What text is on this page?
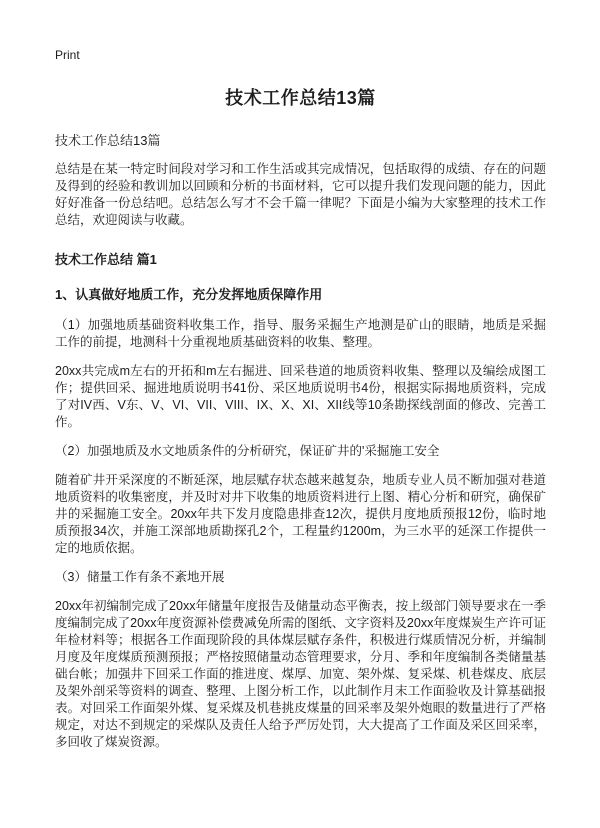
Print
技术工作总结13篇

技术工作总结13篇

总结是在某一特定时间段对学习和工作生活或其完成情况，包括取得的成绩、存在的问题及得到的经验和教训加以回顾和分析的书面材料，它可以提升我们发现问题的能力，因此好好准备一份总结吧。总结怎么写才不会千篇一律呢？下面是小编为大家整理的技术工作总结，欢迎阅读与收藏。

技术工作总结 篇1
1、认真做好地质工作，充分发挥地质保障作用

（1）加强地质基础资料收集工作，指导、服务采掘生产地测是矿山的眼睛，地质是采掘工作的前提，地测科十分重视地质基础资料的收集、整理。

20xx共完成m左右的开拓和m左右掘进、回采巷道的地质资料收集、整理以及编绘成图工作；提供回采、掘进地质说明书41份、采区地质说明书4份，根据实际揭地质资料，完成了对IV西、V东、V、VI、VII、VIII、IX、X、XI、XII线等10条勘探线剖面的修改、完善工作。

（2）加强地质及水文地质条件的分析研究，保证矿井的'采掘施工安全

随着矿井开采深度的不断延深，地层赋存状态越来越复杂，地质专业人员不断加强对巷道地质资料的收集密度，并及时对井下收集的地质资料进行上图、精心分析和研究，确保矿井的采掘施工安全。20xx年共下发月度隐患排查12次，提供月度地质预报12份，临时地质预报34次，并施工深部地质勘探孔2个，工程量约1200m，为三水平的延深工作提供一定的地质依据。

（3）储量工作有条不紊地开展

20xx年初编制完成了20xx年储量年度报告及储量动态平衡表，按上级部门领导要求在一季度编制完成了20xx年度资源补偿费减免所需的图纸、文字资料及20xx年度煤炭生产许可证年检材料等；根据各工作面现阶段的具体煤层赋存条件，积极进行煤质情况分析，并编制月度及年度煤质预测预报；严格按照储量动态管理要求，分月、季和年度编制各类储量基础台帐；加强井下回采工作面的推进度、煤厚、加宽、架外煤、复采煤、机巷煤皮、底层及架外剖采等资料的调查、整理、上图分析工作，以此制作月末工作面验收及计算基础报表。对回采工作面架外煤、复采煤及机巷挑皮煤量的回采率及架外炮眼的数量进行了严格规定，对达不到规定的采煤队及责任人给予严厉处罚，大大提高了工作面及采区回采率，多回收了煤炭资源。
